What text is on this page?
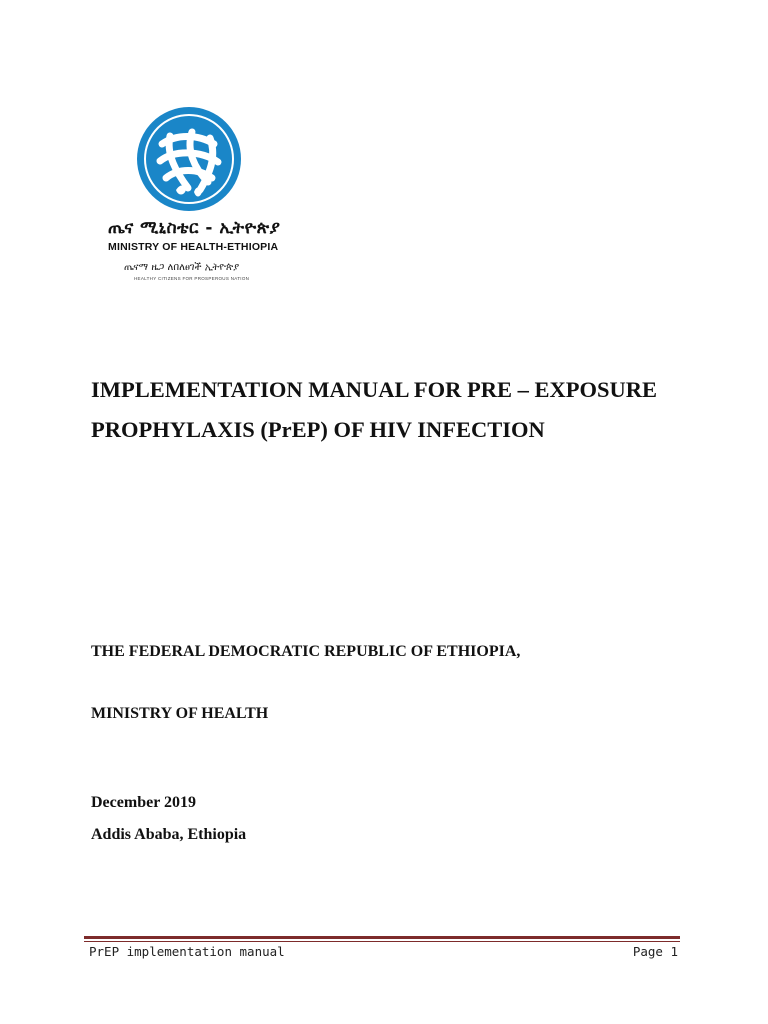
ጤና ሚኒስቴር - ኢትዮጵያ
MINISTRY OF HEALTH-ETHIOPIA
ጤናማ ዜጋ ለበለፀገች ኢትዮጵያ
HEALTHY CITIZENS FOR PROSPEROUS NATION
IMPLEMENTATION MANUAL FOR PRE – EXPOSURE
PROPHYLAXIS (PrEP) OF HIV INFECTION

THE FEDERAL DEMOCRATIC REPUBLIC OF ETHIOPIA,

MINISTRY OF HEALTH

December 2019

Addis Ababa, Ethiopia

PrEP implementation manual	Page 1
